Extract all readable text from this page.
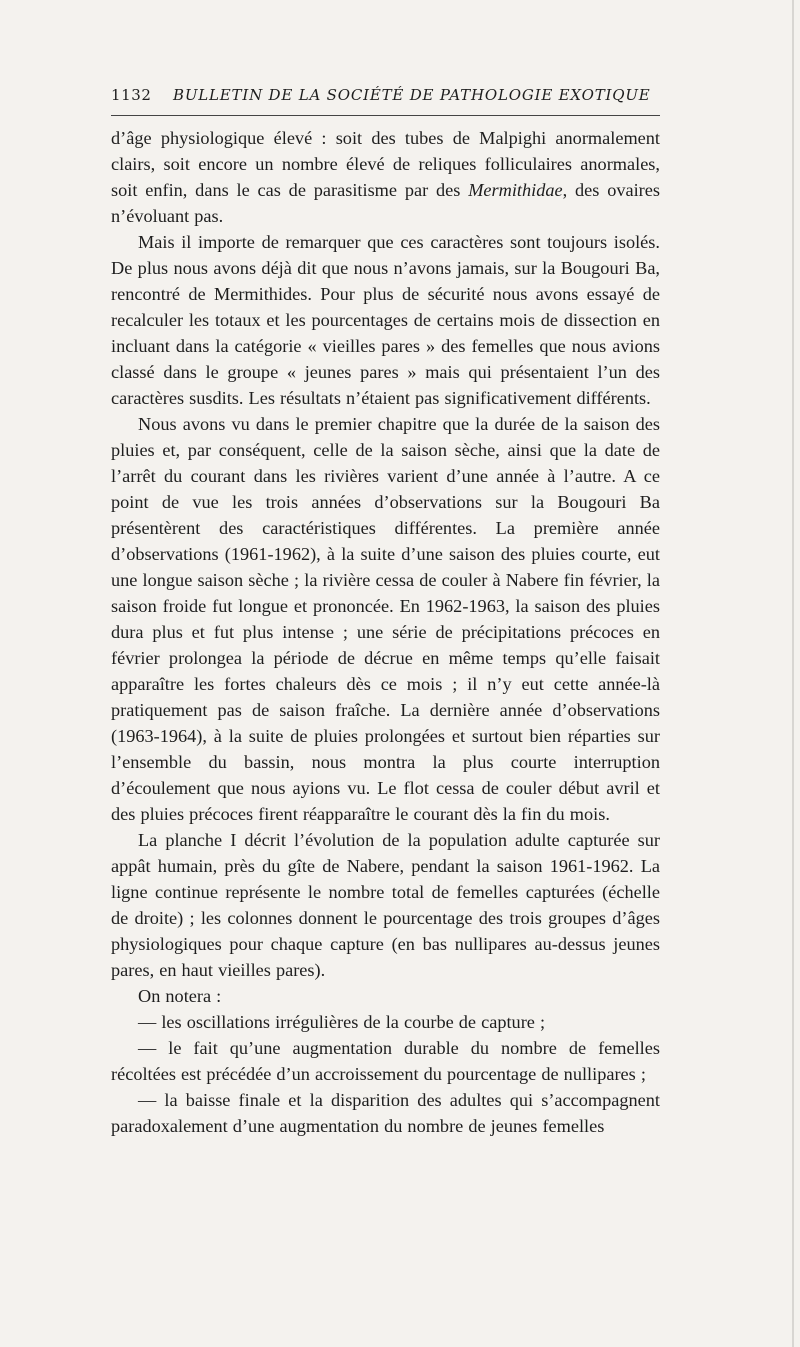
1132 BULLETIN DE LA SOCIÉTÉ DE PATHOLOGIE EXOTIQUE

d’âge physiologique élevé : soit des tubes de Malpighi anormalement clairs, soit encore un nombre élevé de reliques folliculaires anormales, soit enfin, dans le cas de parasitisme par des Mermithidae, des ovaires n’évoluant pas.

Mais il importe de remarquer que ces caractères sont toujours isolés. De plus nous avons déjà dit que nous n’avons jamais, sur la Bougouri Ba, rencontré de Mermithides. Pour plus de sécurité nous avons essayé de recalculer les totaux et les pourcentages de certains mois de dissection en incluant dans la catégorie « vieilles pares » des femelles que nous avions classé dans le groupe « jeunes pares » mais qui présentaient l’un des caractères susdits. Les résultats n’étaient pas significativement différents.

Nous avons vu dans le premier chapitre que la durée de la saison des pluies et, par conséquent, celle de la saison sèche, ainsi que la date de l’arrêt du courant dans les rivières varient d’une année à l’autre. A ce point de vue les trois années d’observations sur la Bougouri Ba présentèrent des caractéristiques différentes. La première année d’observations (1961-1962), à la suite d’une saison des pluies courte, eut une longue saison sèche ; la rivière cessa de couler à Nabere fin février, la saison froide fut longue et prononcée. En 1962-1963, la saison des pluies dura plus et fut plus intense ; une série de précipitations précoces en février prolongea la période de décrue en même temps qu’elle faisait apparaître les fortes chaleurs dès ce mois ; il n’y eut cette année-là pratiquement pas de saison fraîche. La dernière année d’observations (1963-1964), à la suite de pluies prolongées et surtout bien réparties sur l’ensemble du bassin, nous montra la plus courte interruption d’écoulement que nous ayions vu. Le flot cessa de couler début avril et des pluies précoces firent réapparaître le courant dès la fin du mois.

La planche I décrit l’évolution de la population adulte capturée sur appât humain, près du gîte de Nabere, pendant la saison 1961-1962. La ligne continue représente le nombre total de femelles capturées (échelle de droite) ; les colonnes donnent le pourcentage des trois groupes d’âges physiologiques pour chaque capture (en bas nullipares au-dessus jeunes pares, en haut vieilles pares).

On notera :

— les oscillations irrégulières de la courbe de capture ;

— le fait qu’une augmentation durable du nombre de femelles récoltées est précédée d’un accroissement du pourcentage de nullipares ;

— la baisse finale et la disparition des adultes qui s’accompagnent paradoxalement d’une augmentation du nombre de jeunes femelles
